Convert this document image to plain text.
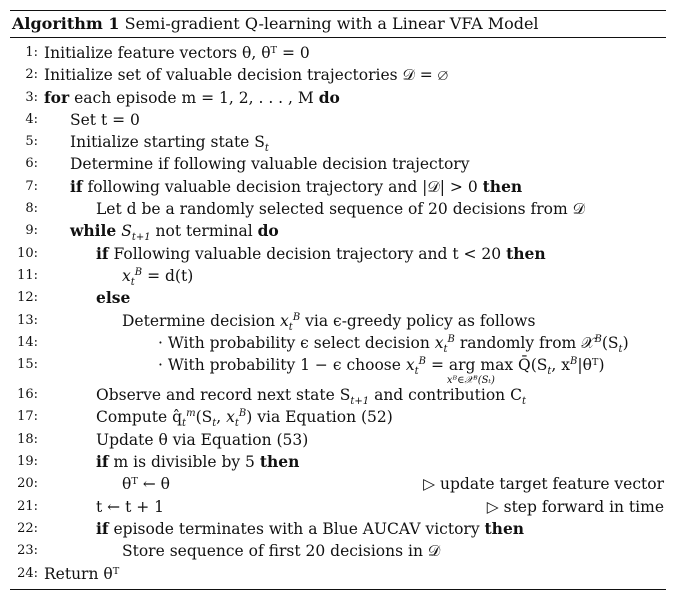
Algorithm 1 Semi-gradient Q-learning with a Linear VFA Model
1: Initialize feature vectors θ, θᵀ = 0
2: Initialize set of valuable decision trajectories 𝒟 = ∅
3: for each episode m = 1, 2, . . . , M do
4: Set t = 0
5: Initialize starting state $S_t$
6: Determine if following valuable decision trajectory
7: if following valuable decision trajectory and |𝒟| > 0 then
8:	Let d be a randomly selected sequence of 20 decisions from 𝒟
9: while $S_{t+1}$ not terminal do
10:	if Following valuable decision trajectory and t < 20 then
11:	$x_t^B = d(t)$
12:	else
13:	Determine decision $x_t^B$ via ϵ-greedy policy as follows
14:	· With probability ϵ select decision $x_t^B$ randomly from $𝒳^B(S_t)$
15:	· With probability 1 − ϵ choose $x_t^B$ = arg max
xᴮ∈𝒳ᴮ(Sₜ)
$Q̄(S_t$, $x^B|\theta ᵀ$)
16:	Observe and record next state $S_{t+1}$ and contribution $C_t$
17:	Compute $q̂_t^m(S_t$, $x_t^B$) via Equation (52)
18:	Update θ via Equation (53)
19:	if m is divisible by 5 then
20:	θᵀ ← θ	▷ update target feature vector
21:	t ← t + 1	▷ step forward in time
22:	if episode terminates with a Blue AUCAV victory then
23:	Store sequence of first 20 decisions in 𝒟
24: Return θᵀ
